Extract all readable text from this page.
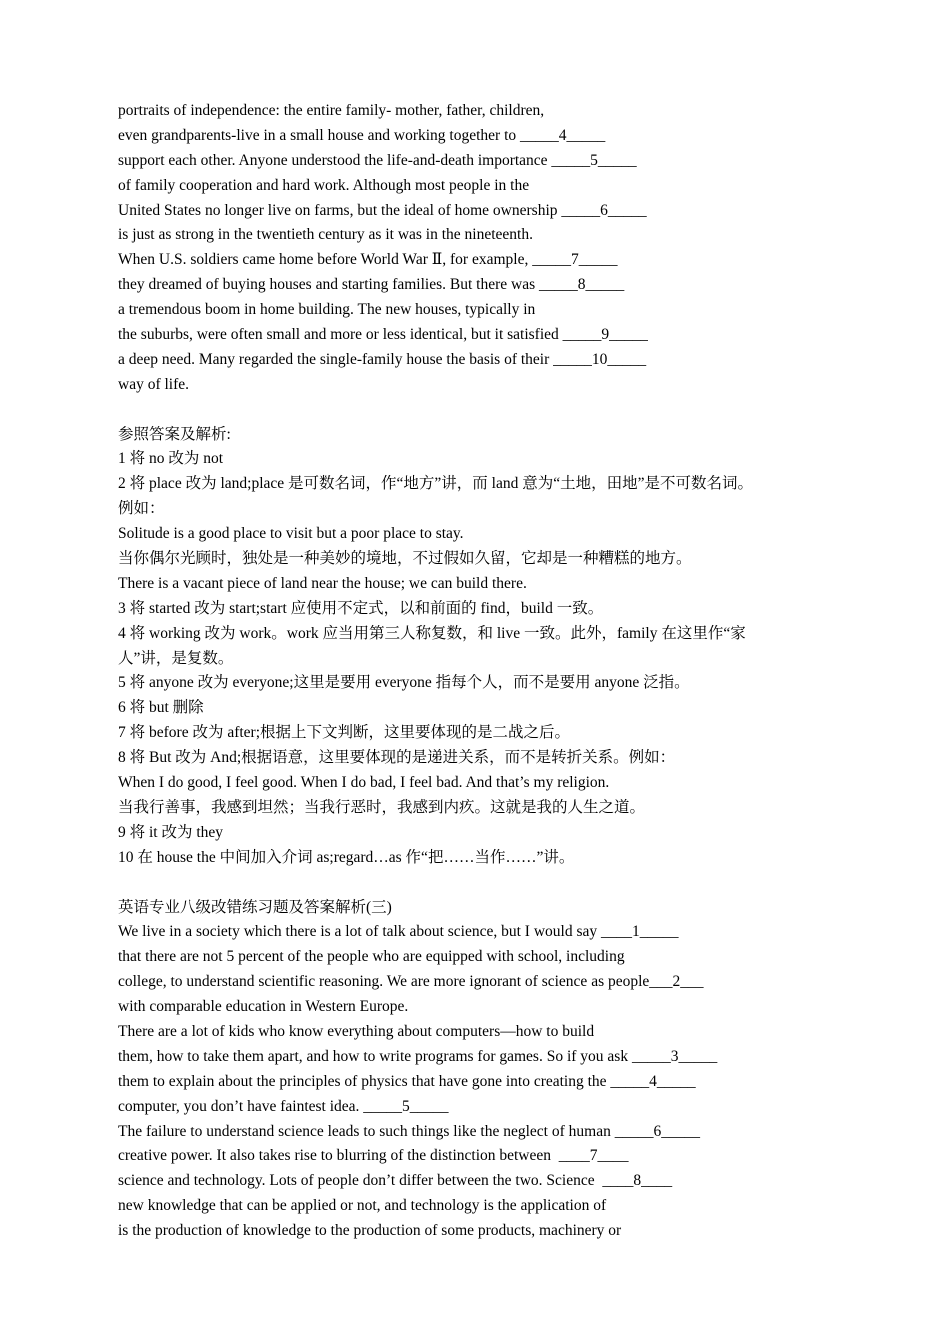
portraits of independence: the entire family- mother, father, children,
even grandparents-live in a small house and working together to _____4_____
support each other. Anyone understood the life-and-death importance _____5_____
of family cooperation and hard work. Although most people in the
United States no longer live on farms, but the ideal of home ownership _____6_____
is just as strong in the twentieth century as it was in the nineteenth.
When U.S. soldiers came home before World War Ⅱ, for example, _____7_____
they dreamed of buying houses and starting families. But there was _____8_____
a tremendous boom in home building. The new houses, typically in
the suburbs, were often small and more or less identical, but it satisfied _____9_____
a deep need. Many regarded the single-family house the basis of their _____10_____
way of life.
参照答案及解析:
1 将 no 改为 not
2 将 place 改为 land;place 是可数名词，作“地方”讲，而 land 意为“土地，田地”是不可数名词。
例如：
Solitude is a good place to visit but a poor place to stay.
当你偶尔光顾时，独处是一种美妙的境地，不过假如久留，它却是一种糟糕的地方。
There is a vacant piece of land near the house; we can build there.
3 将 started 改为 start;start 应使用不定式，以和前面的 find，build 一致。
4 将 working 改为 work。work 应当用第三人称复数，和 live 一致。此外，family 在这里作“家
人”讲，是复数。
5 将 anyone 改为 everyone;这里是要用 everyone 指每个人，而不是要用 anyone 泛指。
6 将 but 删除
7 将 before 改为 after;根据上下文判断，这里要体现的是二战之后。
8 将 But 改为 And;根据语意，这里要体现的是递进关系，而不是转折关系。例如：
When I do good, I feel good. When I do bad, I feel bad. And that’s my religion.
当我行善事，我感到坦然；当我行恶时，我感到内疚。这就是我的人生之道。
9 将 it 改为 they
10 在 house the 中间加入介词 as;regard…as 作“把……当作……”讲。
英语专业八级改错练习题及答案解析(三)
We live in a society which there is a lot of talk about science, but I would say ____1_____
that there are not 5 percent of the people who are equipped with school, including
college, to understand scientific reasoning. We are more ignorant of science as people___2___
with comparable education in Western Europe.
There are a lot of kids who know everything about computers—how to build
them, how to take them apart, and how to write programs for games. So if you ask _____3_____
them to explain about the principles of physics that have gone into creating the _____4_____
computer, you don’t have faintest idea. _____5_____
The failure to understand science leads to such things like the neglect of human _____6_____
creative power. It also takes rise to blurring of the distinction between  ____7____
science and technology. Lots of people don’t differ between the two. Science  ____8____
new knowledge that can be applied or not, and technology is the application of
is the production of knowledge to the production of some products, machinery or
